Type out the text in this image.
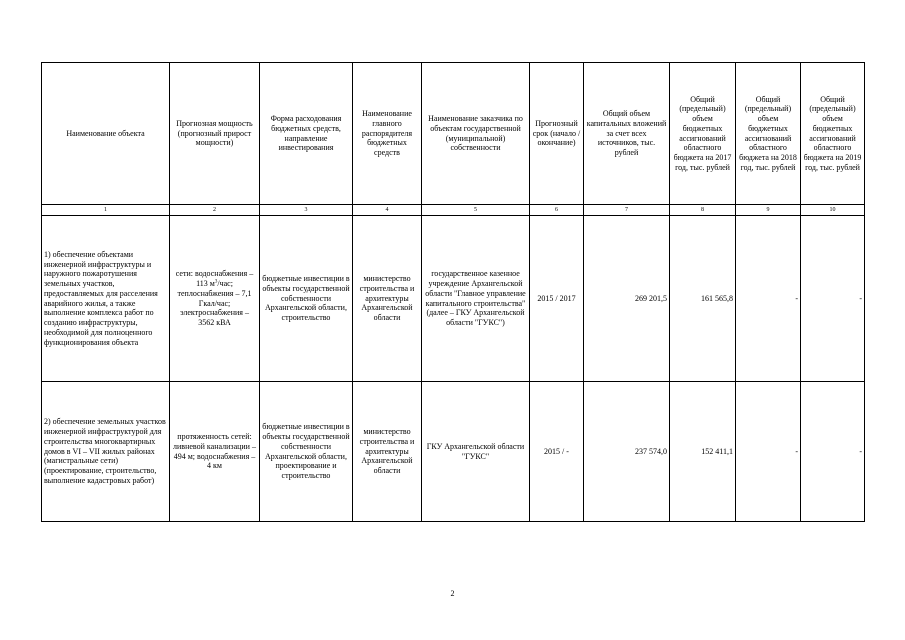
Наименование объекта	Прогнозная мощность (прогнозный прирост мощности)	Форма расходования бюджетных средств, направление инвестирования	Наименование главного распорядителя бюджетных средств	Наименование заказчика по объектам государственной (муниципальной) собственности	Прогнозный срок (начало / окончание)	Общий объем капитальных вложений за счет всех источников, тыс. рублей	Общий (предельный) объем бюджетных ассигнований областного бюджета на 2017 год, тыс. рублей	Общий (предельный) объем бюджетных ассигнований областного бюджета на 2018 год, тыс. рублей	Общий (предельный) объем бюджетных ассигнований областного бюджета на 2019 год, тыс. рублей
1	2	3	4	5	6	7	8	9	10
1) обеспечение объектами инженерной инфраструктуры и наружного пожаротушения земельных участков, предоставляемых для расселения аварийного жилья, а также выполнение комплекса работ по созданию инфраструктуры, необходимой для полноценного функционирования объекта	сети: водоснабжения – 113 $м^3$/час; теплоснабжения – 7,1 Гкал/час; электроснабжения – 3562 кВА	бюджетные инвестиции в объекты государственной собственности Архангельской области, строительство	министерство строительства и архитектуры Архангельской области	государственное казенное учреждение Архангельской области "Главное управление капитального строительства" (далее – ГКУ Архангельской области "ГУКС")	2015 / 2017	269 201,5	161 565,8	-	-
2) обеспечение земельных участков инженерной инфраструктурой для строительства многоквартирных домов в VI – VII жилых районах (магистральные сети) (проектирование, строительство, выполнение кадастровых работ)	протяженность сетей: ливневой канализации – 494 м; водоснабжения – 4 км	бюджетные инвестиции в объекты государственной собственности Архангельской области, проектирование и строительство	министерство строительства и архитектуры Архангельской области	ГКУ Архангельской области "ГУКС"	2015 / -	237 574,0	152 411,1	-	-
2
